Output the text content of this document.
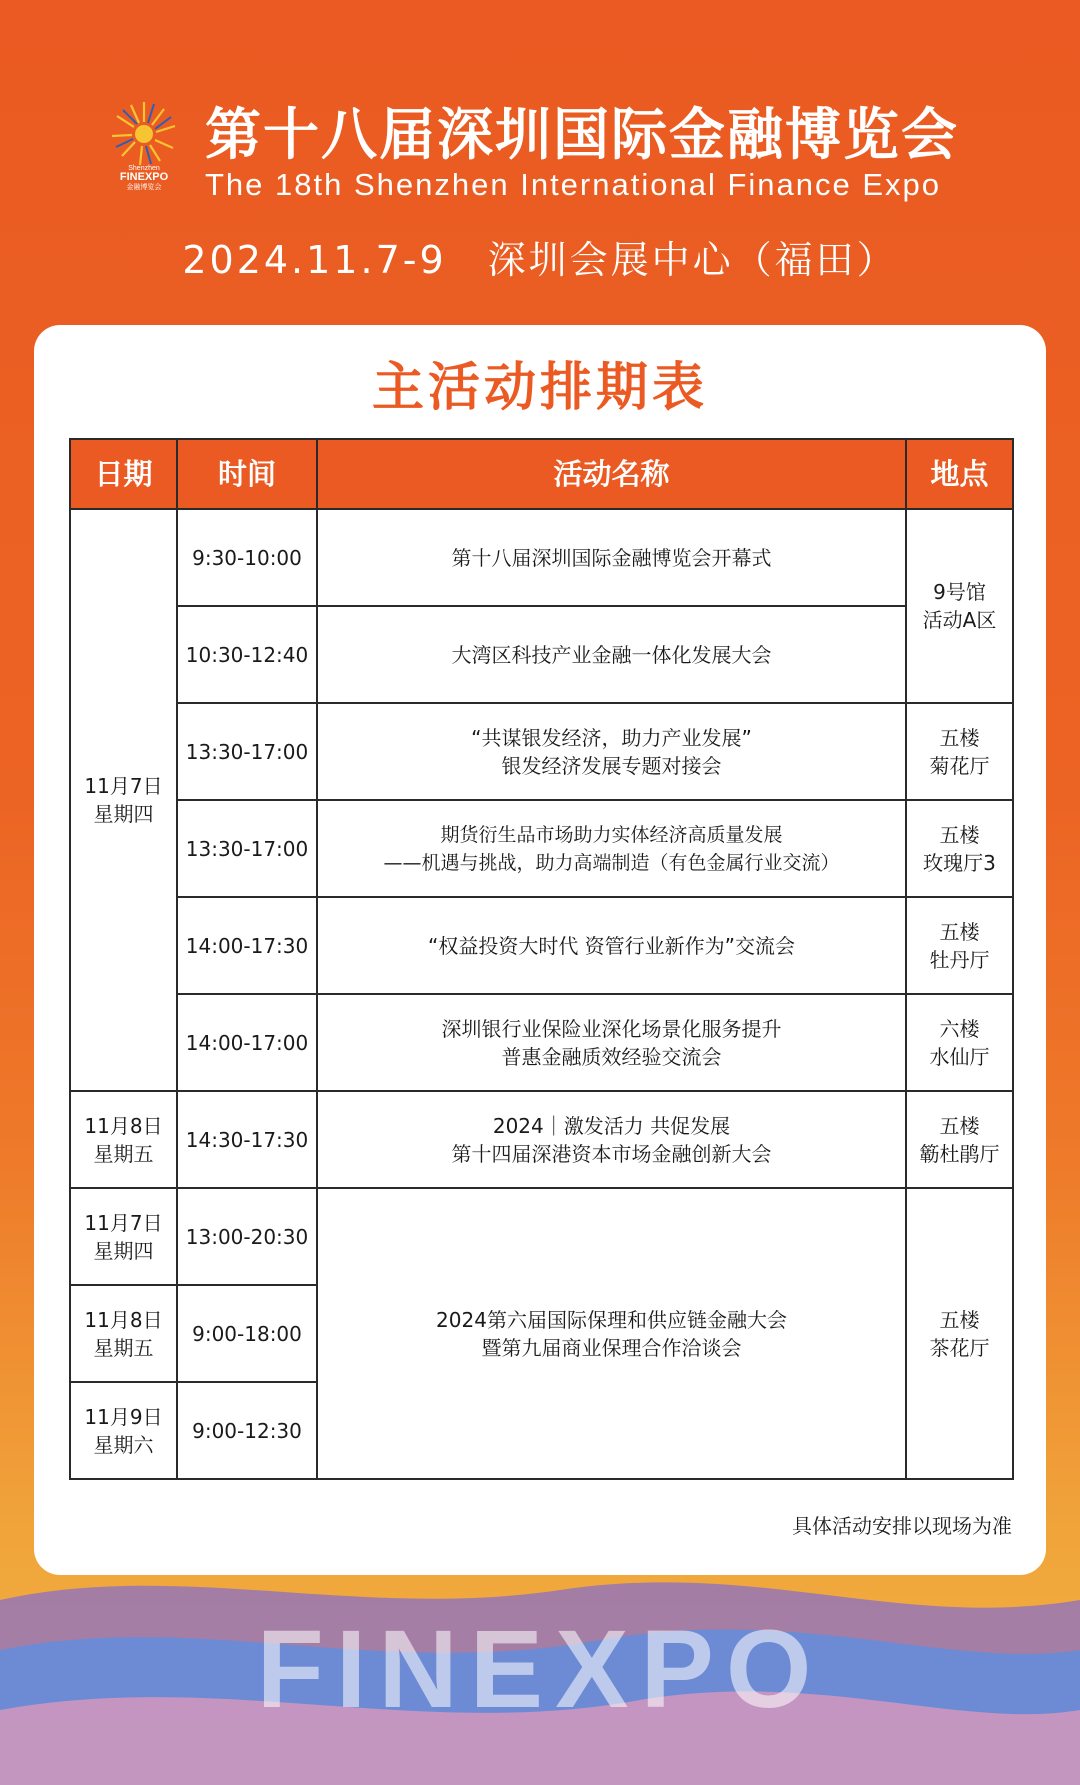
Shenzhen
FINEXPO
金融博览会
第十八届深圳国际金融博览会
The 18th Shenzhen International Finance Expo
2024.11.7-9　深圳会展中心（福田）
主活动排期表
日期	时间	活动名称	地点

11月7日
星期四	9:30-10:00	第十八届深圳国际金融博览会开幕式	9号馆
活动A区

	10:30-12:40	大湾区科技产业金融一体化发展大会	

	13:30-17:00	“共谋银发经济，助力产业发展”
银发经济发展专题对接会	五楼
菊花厅

	13:30-17:00	期货衍生品市场助力实体经济高质量发展
——机遇与挑战，助力高端制造（有色金属行业交流）	五楼
玫瑰厅3

	14:00-17:30	“权益投资大时代 资管行业新作为”交流会	五楼
牡丹厅

	14:00-17:00	深圳银行业保险业深化场景化服务提升
普惠金融质效经验交流会	六楼
水仙厅

11月8日
星期五	14:30-17:30	2024｜激发活力 共促发展
第十四届深港资本市场金融创新大会	五楼
簕杜鹃厅

11月7日
星期四	13:00-20:30	2024第六届国际保理和供应链金融大会
暨第九届商业保理合作洽谈会	五楼
茶花厅

11月8日
星期五	9:00-18:00		

11月9日
星期六	9:00-12:30		
具体活动安排以现场为准
FINEXPO
